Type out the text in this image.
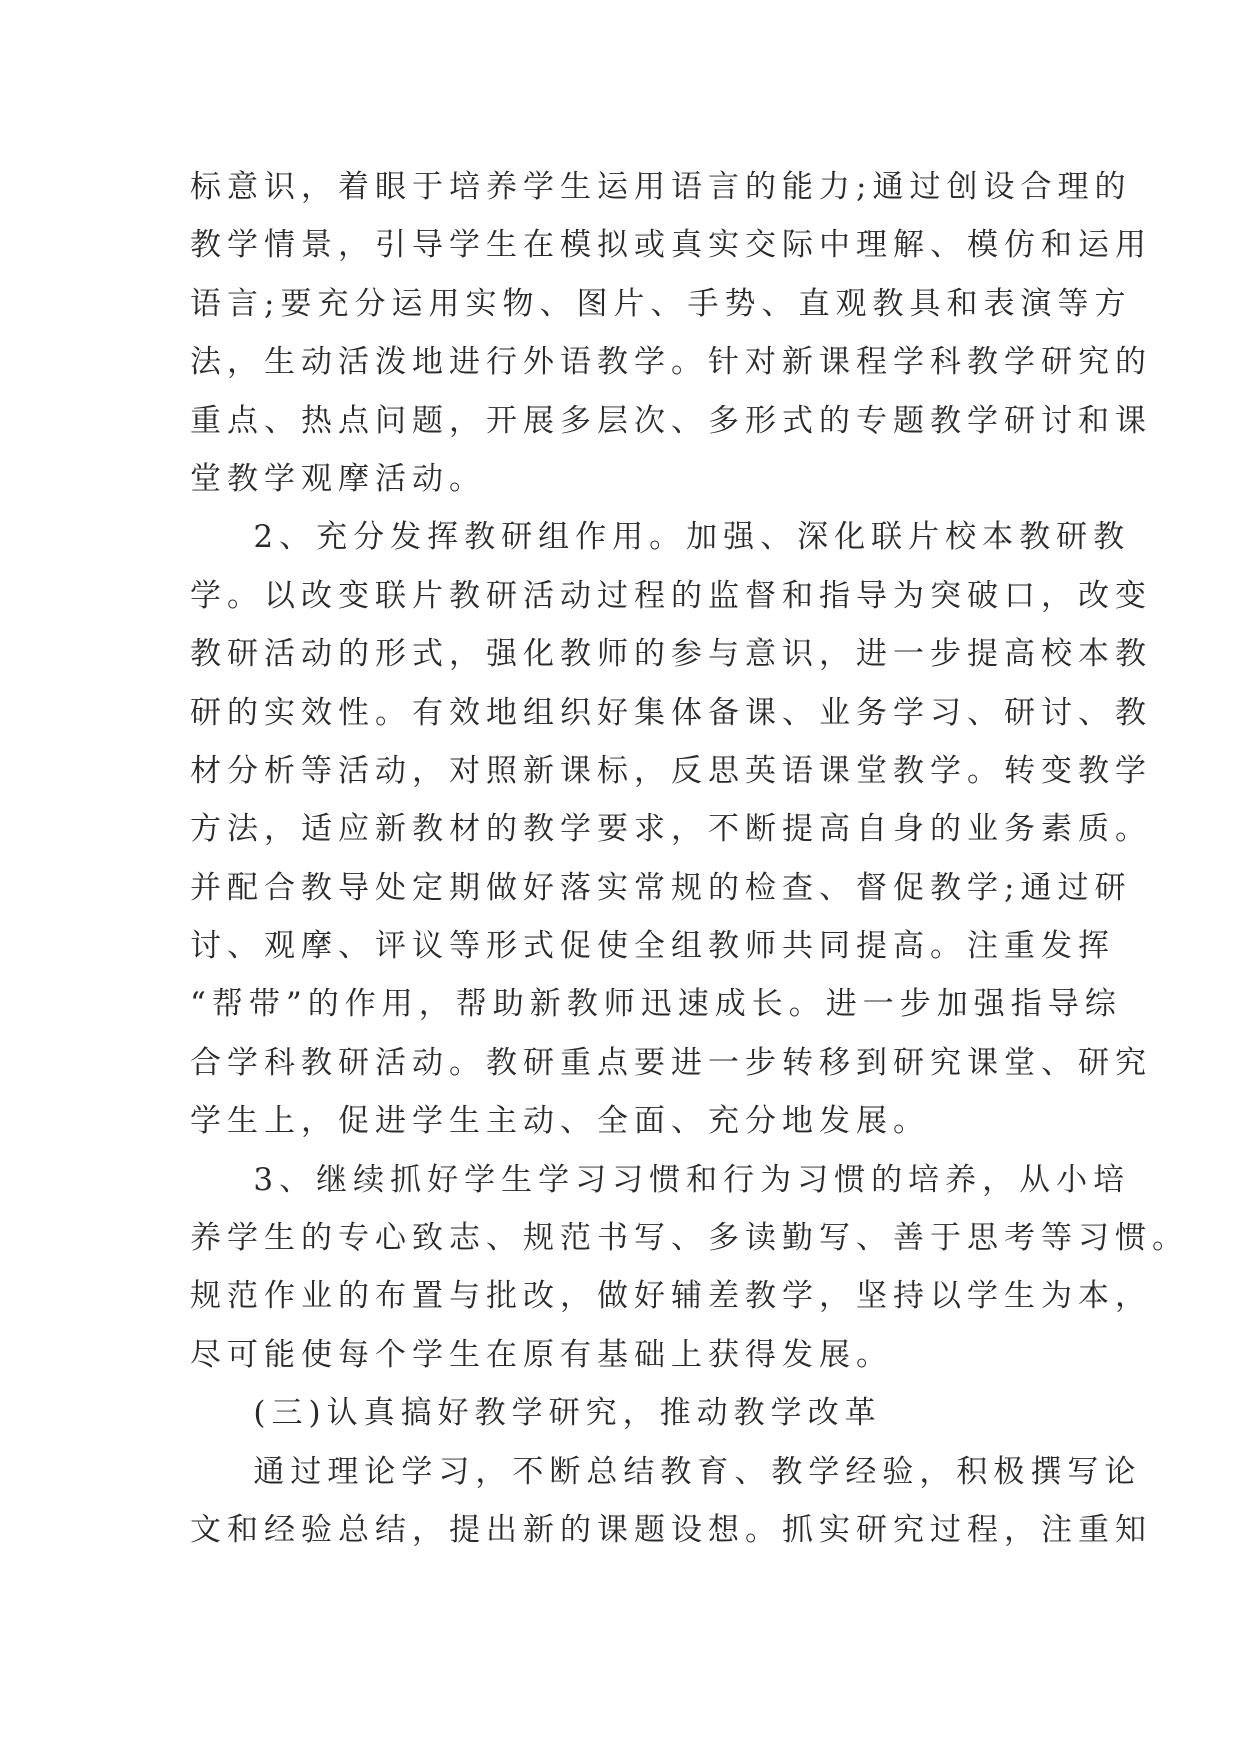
标意识，着眼于培养学生运用语言的能力;通过创设合理的
教学情景，引导学生在模拟或真实交际中理解、模仿和运用
语言;要充分运用实物、图片、手势、直观教具和表演等方
法，生动活泼地进行外语教学。针对新课程学科教学研究的
重点、热点问题，开展多层次、多形式的专题教学研讨和课
堂教学观摩活动。
2、充分发挥教研组作用。加强、深化联片校本教研教
学。以改变联片教研活动过程的监督和指导为突破口，改变
教研活动的形式，强化教师的参与意识，进一步提高校本教
研的实效性。有效地组织好集体备课、业务学习、研讨、教
材分析等活动，对照新课标，反思英语课堂教学。转变教学
方法，适应新教材的教学要求，不断提高自身的业务素质。
并配合教导处定期做好落实常规的检查、督促教学;通过研
讨、观摩、评议等形式促使全组教师共同提高。注重发挥
“帮带”的作用，帮助新教师迅速成长。进一步加强指导综
合学科教研活动。教研重点要进一步转移到研究课堂、研究
学生上，促进学生主动、全面、充分地发展。
3、继续抓好学生学习习惯和行为习惯的培养，从小培
养学生的专心致志、规范书写、多读勤写、善于思考等习惯。
规范作业的布置与批改，做好辅差教学，坚持以学生为本，
尽可能使每个学生在原有基础上获得发展。
(三)认真搞好教学研究，推动教学改革
通过理论学习，不断总结教育、教学经验，积极撰写论
文和经验总结，提出新的课题设想。抓实研究过程，注重知
